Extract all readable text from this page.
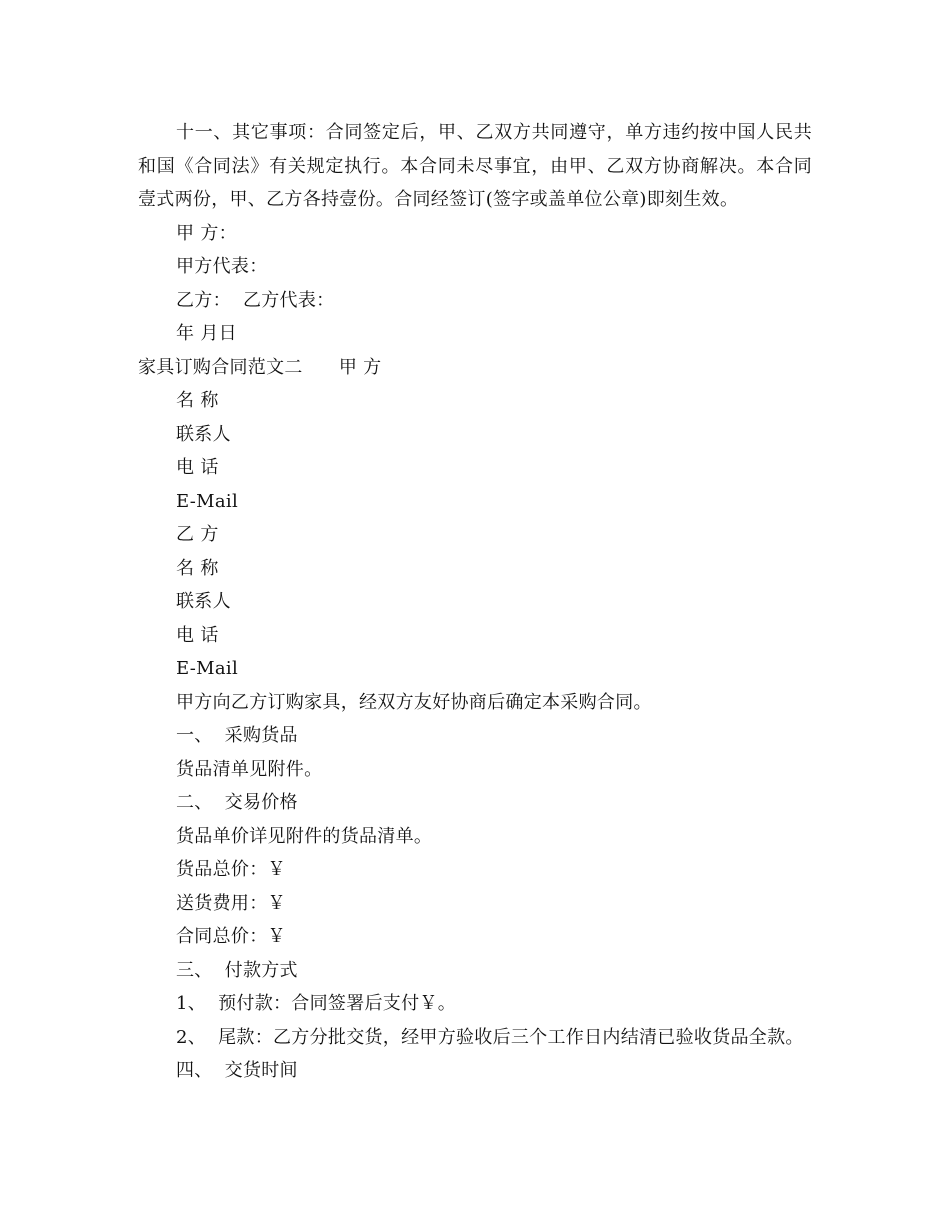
十一、其它事项：合同签定后，甲、乙双方共同遵守，单方违约按中国人民共和国《合同法》有关规定执行。本合同未尽事宜，由甲、乙双方协商解决。本合同壹式两份，甲、乙方各持壹份。合同经签订(签字或盖单位公章)即刻生效。

甲 方：

甲方代表：

乙方：  乙方代表：

年 月日

家具订购合同范文二      甲 方

名 称

联系人

电 话

E-Mail

乙 方

名 称

联系人

电 话

E-Mail

甲方向乙方订购家具，经双方友好协商后确定本采购合同。

一、  采购货品

货品清单见附件。

二、  交易价格

货品单价详见附件的货品清单。

货品总价：￥

送货费用：￥

合同总价：￥

三、  付款方式

1、  预付款：合同签署后支付￥。

2、  尾款：乙方分批交货，经甲方验收后三个工作日内结清已验收货品全款。

四、  交货时间
